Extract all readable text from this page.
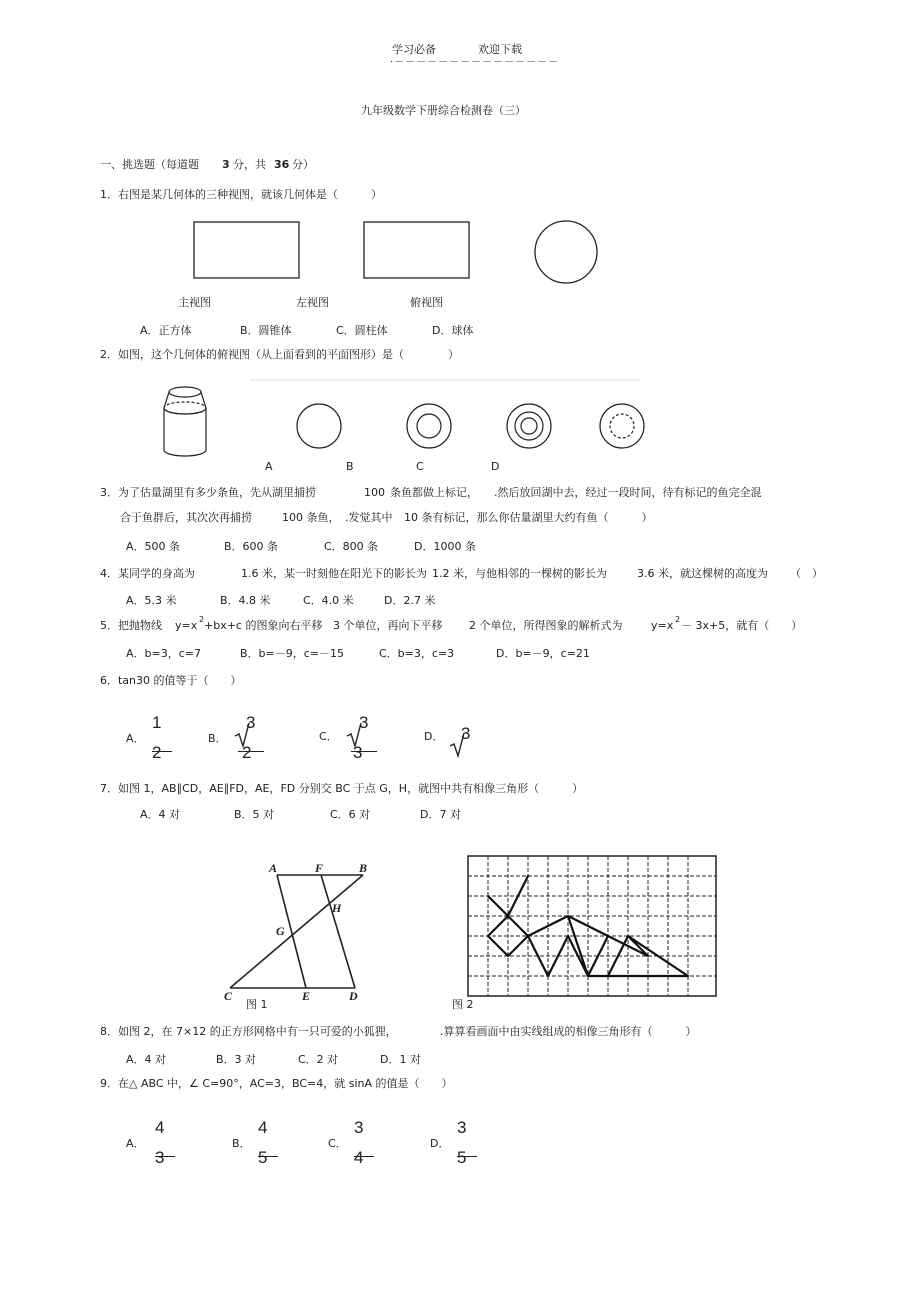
学习必备	欢迎下载
·－－－－－－－－－－－－－－－
九年级数学下册综合检测卷（三）
一、挑选题（每道题 3 分，共 36 分）
1．右图是某几何体的三种视图，就该几何体是（　　　）
主视图	左视图	俯视图
A．正方体	B．圆锥体	C．圆柱体	D．球体
2．如图，这个几何体的俯视图（从上面看到的平面图形）是（　　　　）
A	B	C	D
3．为了估量湖里有多少条鱼，先从湖里捕捞	100 条鱼都做上标记， .然后放回湖中去，经过一段时间，待有标记的鱼完全混
合于鱼群后，其次次再捕捞	100 条鱼， .发觉其中 10 条有标记，那么你估量湖里大约有鱼（　　　）
A．500 条	B．600 条	C．800 条	D．1000 条
4．某同学的身高为	1.6 米，某一时刻他在阳光下的影长为 1.2 米，与他相邻的一棵树的影长为	3.6 米，就这棵树的高度为 （　）
A．5.3 米	B．4.8 米	C．4.0 米	D．2.7 米
5．把抛物线 y=x 2 +bx+c 的图象向右平移 3 个单位，再向下平移 2 个单位，所得图象的解析式为	y=x 2 － 3x+5，就有（　　）
A．b=3，c=7	B．b=－9，c=－15	C．b=3，c=3	D．b=－9，c=21
6．tan30 的值等于（　　）
A．
1
2
B．
3
2
C．
3
3
D． 3
7．如图 1，AB∥CD，AE∥FD，AE，FD 分别交 BC 于点 G，H，就图中共有相像三角形（　　　）
A．4 对	B．5 对	C．6 对	D．7 对
A	F	B
H
G
C	E	D
图 1	图 2
8．如图 2，在 7×12 的正方形网格中有一只可爱的小狐狸，	.算算看画面中由实线组成的相像三角形有（　　　）
A．4 对	B．3 对	C．2 对	D．1 对
9．在△ ABC 中，∠ C=90°，AC=3，BC=4，就 sinA 的值是（　　）
A．
4
3
B．
4
5
C．
3
4
D．
3
5
